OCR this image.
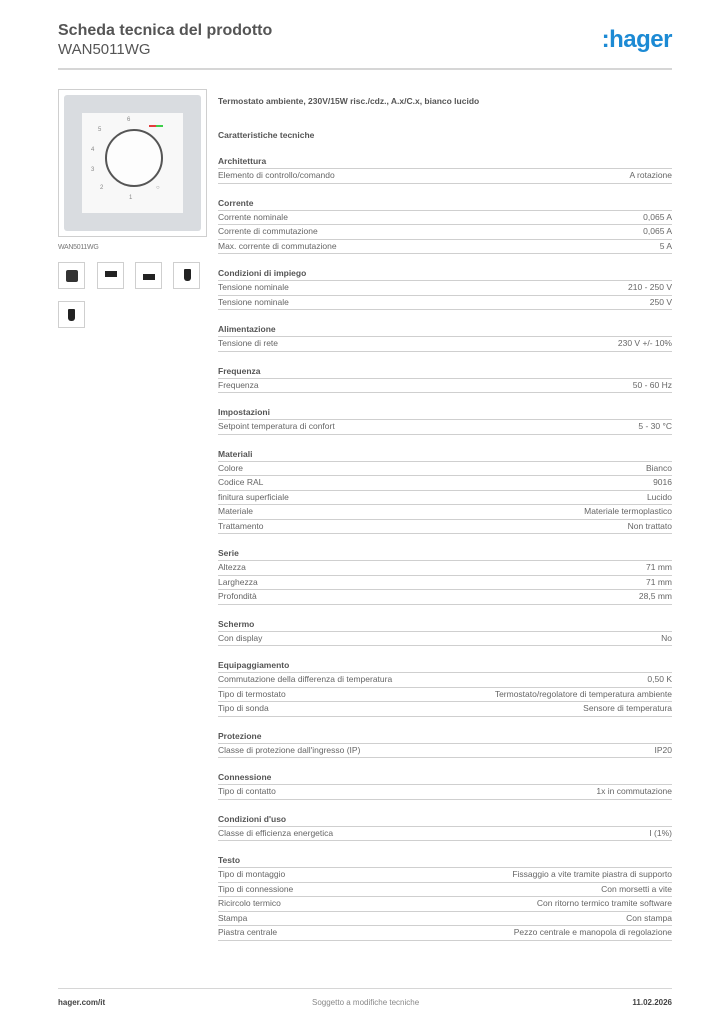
Scheda tecnica del prodotto
WAN5011WG	:hager
6
5
4
3
2
1
○
WAN5011WG
Termostato ambiente, 230V/15W risc./cdz., A.x/C.x, bianco lucido
Caratteristiche tecniche
Architettura
Elemento di controllo/comando	A rotazione
Corrente
Corrente nominale	0,065 A
Corrente di commutazione	0,065 A
Max. corrente di commutazione	5 A
Condizioni di impiego
Tensione nominale	210 - 250 V
Tensione nominale	250 V
Alimentazione
Tensione di rete	230 V +/- 10%
Frequenza
Frequenza	50 - 60 Hz
Impostazioni
Setpoint temperatura di confort	5 - 30 °C
Materiali
Colore	Bianco
Codice RAL	9016
finitura superficiale	Lucido
Materiale	Materiale termoplastico
Trattamento	Non trattato
Serie
Altezza	71 mm
Larghezza	71 mm
Profondità	28,5 mm
Schermo
Con display	No
Equipaggiamento
Commutazione della differenza di temperatura	0,50 K
Tipo di termostato	Termostato/regolatore di temperatura ambiente
Tipo di sonda	Sensore di temperatura
Protezione
Classe di protezione dall'ingresso (IP)	IP20
Connessione
Tipo di contatto	1x in commutazione
Condizioni d'uso
Classe di efficienza energetica	I (1%)
Testo
Tipo di montaggio	Fissaggio a vite tramite piastra di supporto
Tipo di connessione	Con morsetti a vite
Ricircolo termico	Con ritorno termico tramite software
Stampa	Con stampa
Piastra centrale	Pezzo centrale e manopola di regolazione
hager.com/it	Soggetto a modifiche tecniche	11.02.2026
